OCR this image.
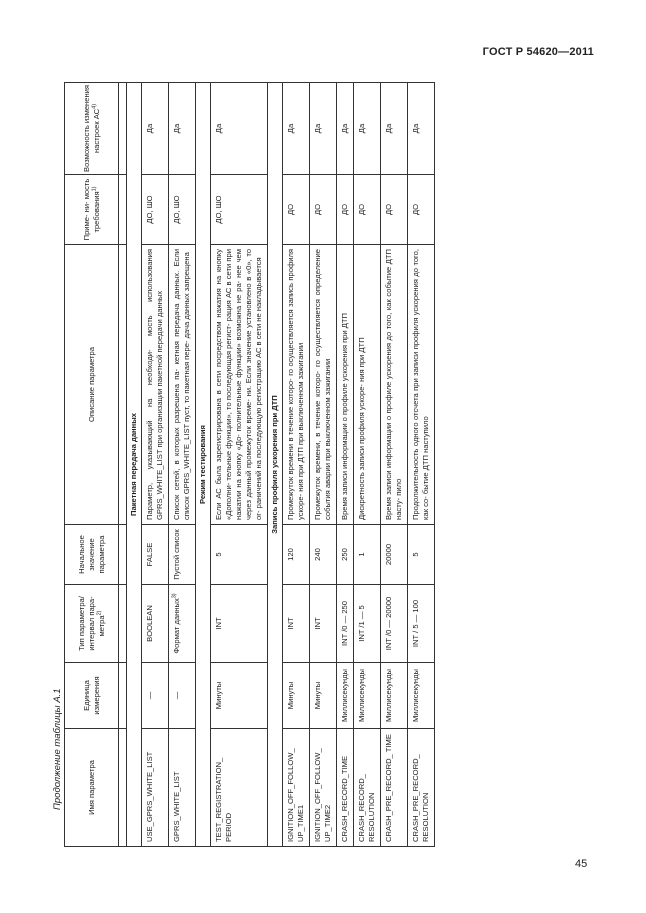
ГОСТ Р 54620—2011
Продолжение таблицы А.1	Имя параметра	Единица измерения	Тип параметра/ интервал пара- метра$^{2)}$	Начальное значение параметра	Описание параметра	Приме- ни- мость требования$^{1)}$	Возможность изменения настроек АС$^{4)}$

Пакетная передача данных						
USE_GPRS_WHITE_LIST	—	BOOLEAN	FALSE	Параметр, указывающий на необходи- мость использования GPRS_WHITE_LIST при организации пакетной передачи данных	ДО, ШО	Да
GPRS_WHITE_LIST	—	Формат данных$^{3)}$	Пустой список	Список сетей, в которых разрешена па- кетная передача данных. Если список GPRS_WHITE_LIST пуст, то пакетная пере- дача данных запрещена	ДО, ШО	Да
Режим тестирования						
TEST_REGISTRATION_ PERIOD	Минуты	INT	5	Если АС была зарегистрирована в сети посредством нажатия на кнопку «Дополни- тельные функции», то последующая регист- рация АС в сети при нажатии на кнопку «До- полнительные функции» возможна не ра- нее чем через данный промежуток време- ни. Если значение установлено в «0», то ог- раничений на последующую регистрацию АС в сети не накладывается	ДО, ШО	Да
Запись профиля ускорения при ДТП						
IGNITION_OFF_FOLLOW_ UP_TIME1	Минуты	INT	120	Промежуток времени в течение которо- го осуществляется запись профиля ускоре- ния при ДТП при выключенном зажигании	ДО	Да
IGNITION_OFF_FOLLOW_ UP_TIME2	Минуты	INT	240	Промежуток времени, в течение которо- го осуществляется определение события аварии при выключенном зажигании	ДО	Да
CRASH_RECORD_TIME	Миллисекунды	INT /0 — 250	250	Время записи информации о профиле ускорения при ДТП	ДО	Да
CRASH_RECORD_ RESOLUTION	Миллисекунды	INT /1 — 5	1	Дискретность записи профиля ускоре- ния при ДТП	ДО	Да
CRASH_PRE_RECORD_ TIME	Миллисекунды	INT /0 — 20000	20000	Время записи информации о профиле ускорения до того, как событие ДТП насту- пило	ДО	Да
CRASH_PRE_RECORD_ RESOLUTION	Миллисекунды	INT / 5 — 100	5	Продолжительность одного отсчета при записи профиля ускорения до того, как со- бытие ДТП наступило	ДО	Да
45
